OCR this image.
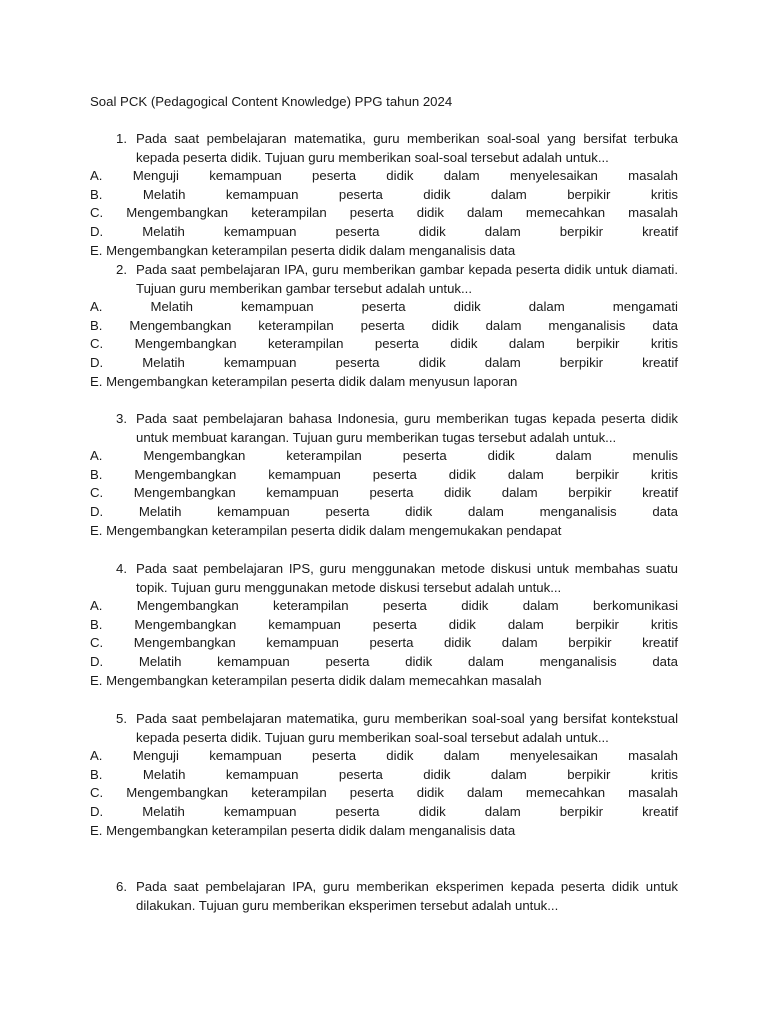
Soal PCK (Pedagogical Content Knowledge) PPG tahun 2024
1. Pada saat pembelajaran matematika, guru memberikan soal-soal yang bersifat terbuka kepada peserta didik. Tujuan guru memberikan soal-soal tersebut adalah untuk...
A. Menguji kemampuan peserta didik dalam menyelesaikan masalah
B. Melatih kemampuan peserta didik dalam berpikir kritis
C. Mengembangkan keterampilan peserta didik dalam memecahkan masalah
D. Melatih kemampuan peserta didik dalam berpikir kreatif
E. Mengembangkan keterampilan peserta didik dalam menganalisis data
2. Pada saat pembelajaran IPA, guru memberikan gambar kepada peserta didik untuk diamati. Tujuan guru memberikan gambar tersebut adalah untuk...
A. Melatih kemampuan peserta didik dalam mengamati
B. Mengembangkan keterampilan peserta didik dalam menganalisis data
C. Mengembangkan keterampilan peserta didik dalam berpikir kritis
D. Melatih kemampuan peserta didik dalam berpikir kreatif
E. Mengembangkan keterampilan peserta didik dalam menyusun laporan
3. Pada saat pembelajaran bahasa Indonesia, guru memberikan tugas kepada peserta didik untuk membuat karangan. Tujuan guru memberikan tugas tersebut adalah untuk...
A. Mengembangkan keterampilan peserta didik dalam menulis
B. Mengembangkan kemampuan peserta didik dalam berpikir kritis
C. Mengembangkan kemampuan peserta didik dalam berpikir kreatif
D. Melatih kemampuan peserta didik dalam menganalisis data
E. Mengembangkan keterampilan peserta didik dalam mengemukakan pendapat
4. Pada saat pembelajaran IPS, guru menggunakan metode diskusi untuk membahas suatu topik. Tujuan guru menggunakan metode diskusi tersebut adalah untuk...
A. Mengembangkan keterampilan peserta didik dalam berkomunikasi
B. Mengembangkan kemampuan peserta didik dalam berpikir kritis
C. Mengembangkan kemampuan peserta didik dalam berpikir kreatif
D. Melatih kemampuan peserta didik dalam menganalisis data
E. Mengembangkan keterampilan peserta didik dalam memecahkan masalah
5. Pada saat pembelajaran matematika, guru memberikan soal-soal yang bersifat kontekstual kepada peserta didik. Tujuan guru memberikan soal-soal tersebut adalah untuk...
A. Menguji kemampuan peserta didik dalam menyelesaikan masalah
B. Melatih kemampuan peserta didik dalam berpikir kritis
C. Mengembangkan keterampilan peserta didik dalam memecahkan masalah
D. Melatih kemampuan peserta didik dalam berpikir kreatif
E. Mengembangkan keterampilan peserta didik dalam menganalisis data
6. Pada saat pembelajaran IPA, guru memberikan eksperimen kepada peserta didik untuk dilakukan. Tujuan guru memberikan eksperimen tersebut adalah untuk...
